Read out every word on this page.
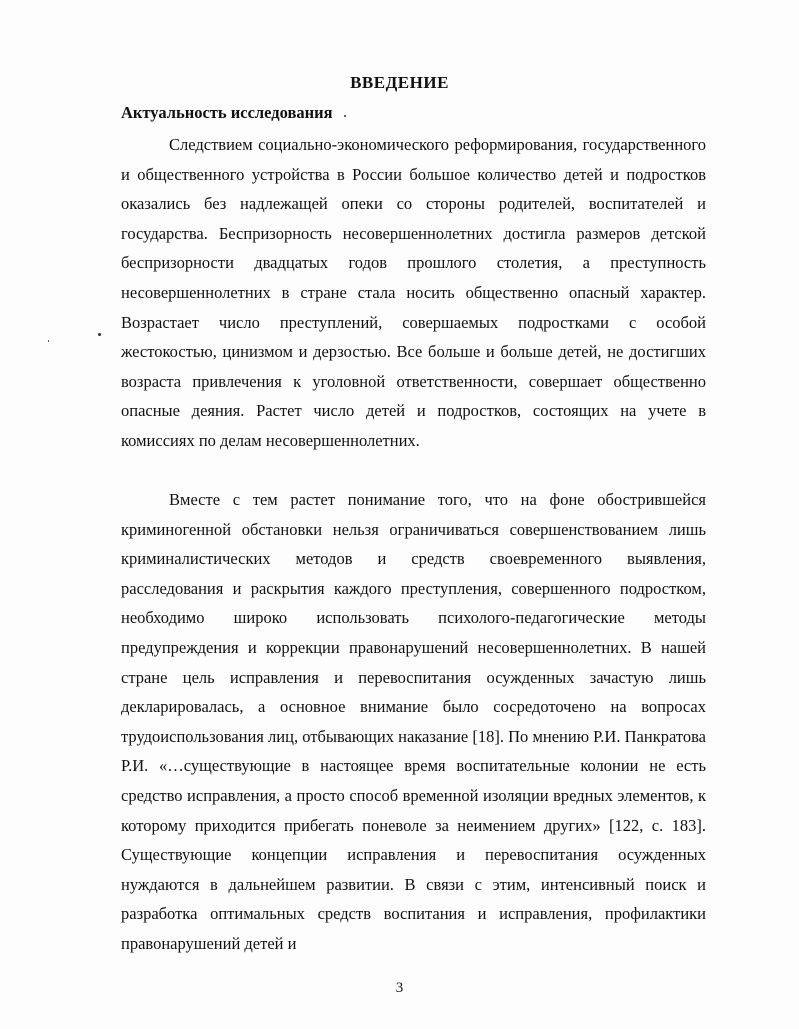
ВВЕДЕНИЕ
Актуальность исследования

Следствием социально-экономического реформирования, государственного и общественного устройства в России большое количество детей и подростков оказались без надлежащей опеки со стороны родителей, воспитателей и государства. Беспризорность несовершеннолетних достигла размеров детской беспризорности двадцатых годов прошлого столетия, а преступность несовершеннолетних в стране стала носить общественно опасный характер. Возрастает число преступлений, совершаемых подростками с особой жестокостью, цинизмом и дерзостью. Все больше и больше детей, не достигших возраста привлечения к уголовной ответственности, совершает общественно опасные деяния. Растет число детей и подростков, состоящих на учете в комиссиях по делам несовершеннолетних.

Вместе с тем растет понимание того, что на фоне обострившейся криминогенной обстановки нельзя ограничиваться совершенствованием лишь криминалистических методов и средств своевременного выявления, расследования и раскрытия каждого преступления, совершенного подростком, необходимо широко использовать психолого-педагогические методы предупреждения и коррекции правонарушений несовершеннолетних. В нашей стране цель исправления и перевоспитания осужденных зачастую лишь декларировалась, а основное внимание было сосредоточено на вопросах трудоиспользования лиц, отбывающих наказание [18]. По мнению Р.И. Панкратова Р.И. «…существующие в настоящее время воспитательные колонии не есть средство исправления, а просто способ временной изоляции вредных элементов, к которому приходится прибегать поневоле за неимением других» [122, с. 183]. Существующие концепции исправления и перевоспитания осужденных нуждаются в дальнейшем развитии. В связи с этим, интенсивный поиск и разработка оптимальных средств воспитания и исправления, профилактики правонарушений детей и

3
